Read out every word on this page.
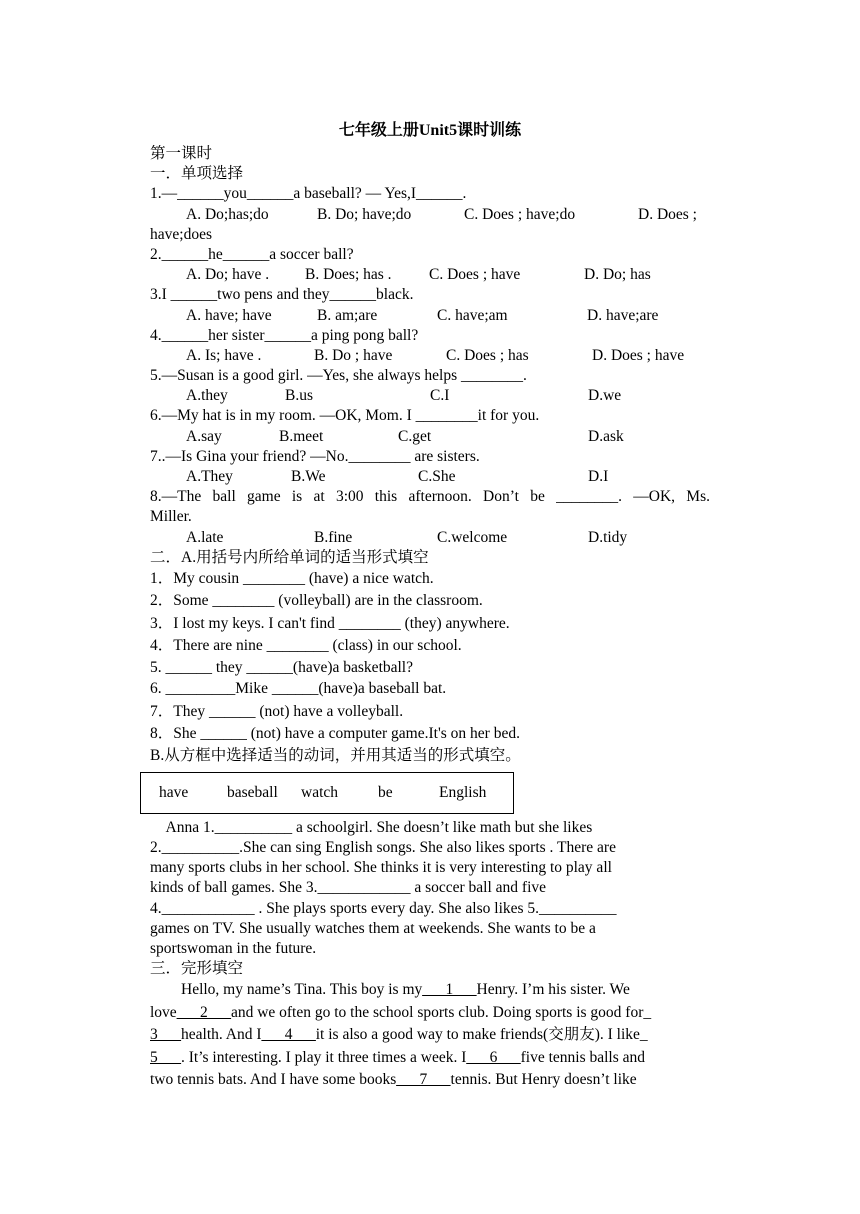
七年级上册Unit5课时训练
第一课时
一．单项选择
1.—______you______a baseball? — Yes,I______.
A. Do;has;do	B. Do; have;do	C. Does ; have;do	D. Does ;
have;does
2.______he______a soccer ball?
A. Do; have . B. Does; has . C. Does ; have	D. Do; has
3.I ______two pens and they______black.
A. have; have	B. am;are	C. have;am	D. have;are
4.______her sister______a ping pong ball?
A. Is; have .	B. Do ; have	C. Does ; has	D. Does ; have
5.—Susan is a good girl. —Yes, she always helps ________.
A.they	B.us	C.I	D.we
6.—My hat is in my room. —OK, Mom. I ________it for you.
A.say	B.meet	C.get	D.ask
7..—Is Gina your friend? —No.________ are sisters.
A.They	B.We	C.She	D.I
8.—The ball game is at 3:00 this afternoon. Don’t be ________. —OK, Ms.
Miller.
A.late	B.fine	C.welcome	D.tidy
二．A.用括号内所给单词的适当形式填空
1．My cousin ________ (have) a nice watch.
2．Some ________ (volleyball) are in the classroom.
3．I lost my keys. I can't find ________ (they) anywhere.
4．There are nine ________ (class) in our school.
5. ______ they ______(have)a basketball?
6. _________Mike ______(have)a baseball bat.
7．They ______ (not) have a volleyball.
8．She ______ (not) have a computer game.It's on her bed.
B.从方框中选择适当的动词，并用其适当的形式填空。
have baseball watch	be	English
Anna 1.__________ a schoolgirl. She doesn’t like math but she likes
2.__________.She can sing English songs. She also likes sports . There are
many sports clubs in her school. She thinks it is very interesting to play all
kinds of ball games. She 3.____________ a soccer ball and five
4.____________ . She plays sports every day. She also likes 5.__________
games on TV. She usually watches them at weekends. She wants to be a
sportswoman in the future.
三．完形填空
Hello, my name’s Tina. This boy is my___1___Henry. I’m his sister. We
love___2___and we often go to the school sports club. Doing sports is good for_
3___health. And I___4___it is also a good way to make friends(交朋友). I like_
5___. It’s interesting. I play it three times a week. I___6___five tennis balls and
two tennis bats. And I have some books___7___tennis. But Henry doesn’t like
